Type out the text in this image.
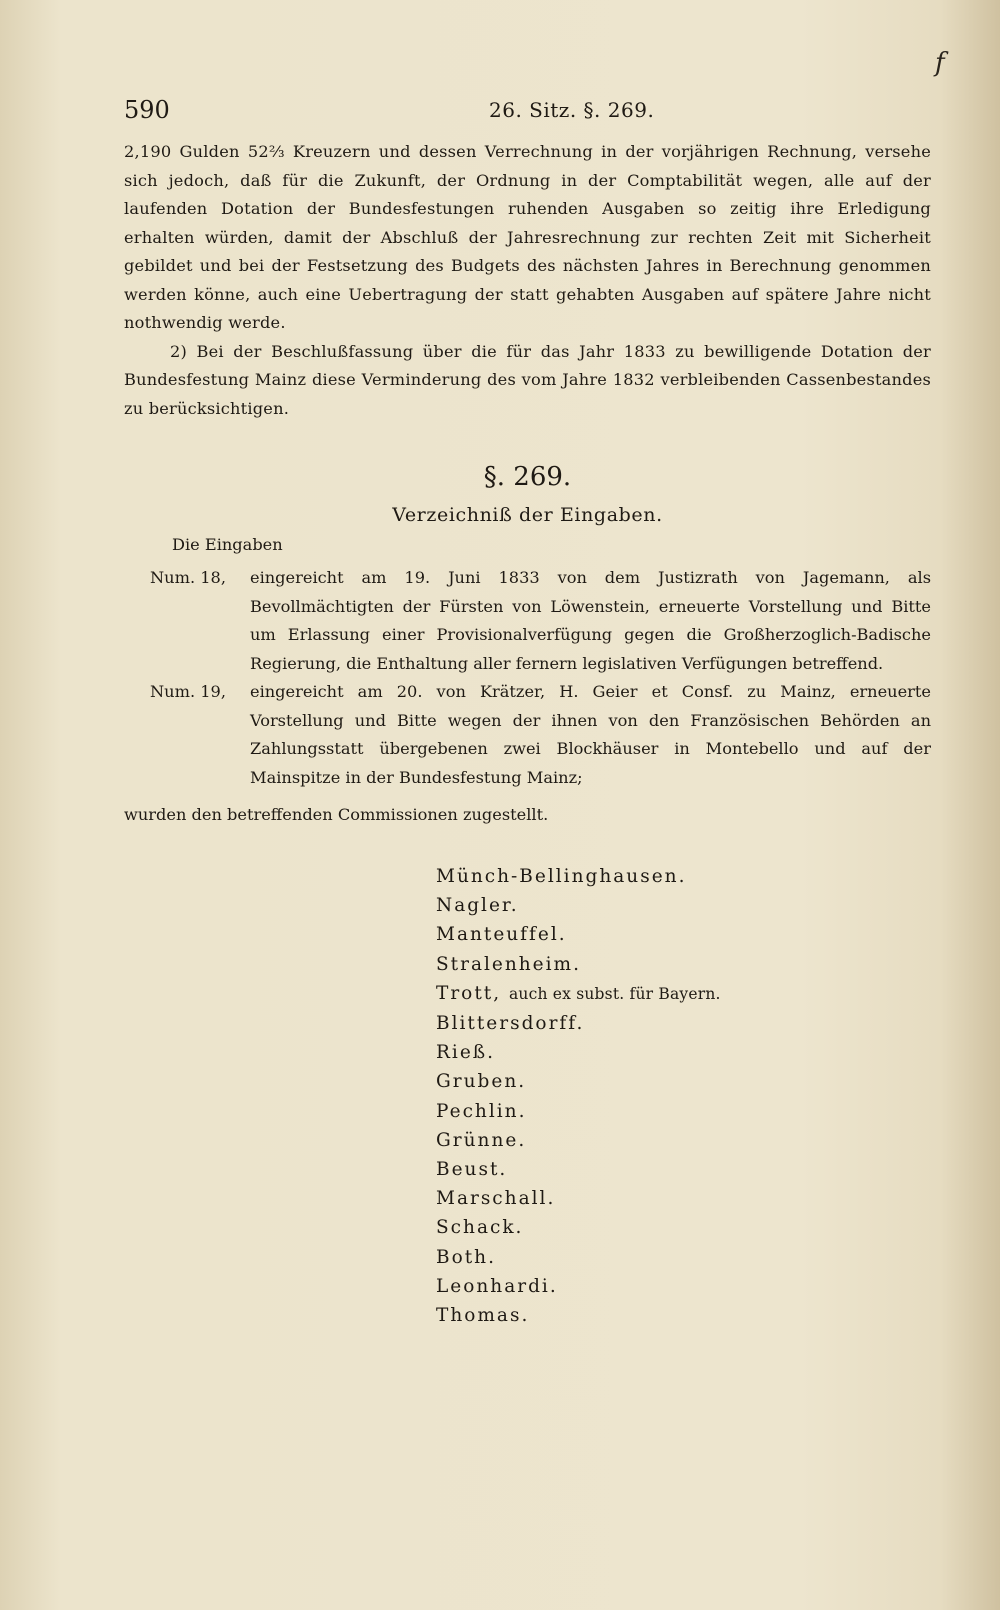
f
590	26. Sitz. §. 269.

2,190 Gulden 52⅔ Kreuzern und dessen Verrechnung in der vorjährigen Rechnung, versehe sich jedoch, daß für die Zukunft, der Ordnung in der Comptabilität wegen, alle auf der laufenden Dotation der Bundesfestungen ruhenden Ausgaben so zeitig ihre Erledigung erhalten würden, damit der Abschluß der Jahresrechnung zur rechten Zeit mit Sicherheit gebildet und bei der Festsetzung des Budgets des nächsten Jahres in Berechnung genommen werden könne, auch eine Uebertragung der statt gehabten Ausgaben auf spätere Jahre nicht nothwendig werde.

2) Bei der Beschlußfassung über die für das Jahr 1833 zu bewilligende Dotation der Bundesfestung Mainz diese Verminderung des vom Jahre 1832 verbleibenden Cassenbestandes zu berücksichtigen.

§. 269.
Verzeichniß der Eingaben.
Die Eingaben
Num. 18, eingereicht am 19. Juni 1833 von dem Justizrath von Jagemann, als Bevollmächtigten der Fürsten von Löwenstein, erneuerte Vorstellung und Bitte um Erlassung einer Provisionalverfügung gegen die Großherzoglich-Badische Regierung, die Enthaltung aller fernern legislativen Verfügungen betreffend.
Num. 19, eingereicht am 20. von Krätzer, H. Geier et Consf. zu Mainz, erneuerte Vorstellung und Bitte wegen der ihnen von den Französischen Behörden an Zahlungsstatt übergebenen zwei Blockhäuser in Montebello und auf der Mainspitze in der Bundesfestung Mainz;
wurden den betreffenden Commissionen zugestellt.
Münch-Bellinghausen.
Nagler.
Manteuffel.
Stralenheim.
Trott, auch ex subst. für Bayern.
Blittersdorff.
Rieß.
Gruben.
Pechlin.
Grünne.
Beust.
Marschall.
Schack.
Both.
Leonhardi.
Thomas.
